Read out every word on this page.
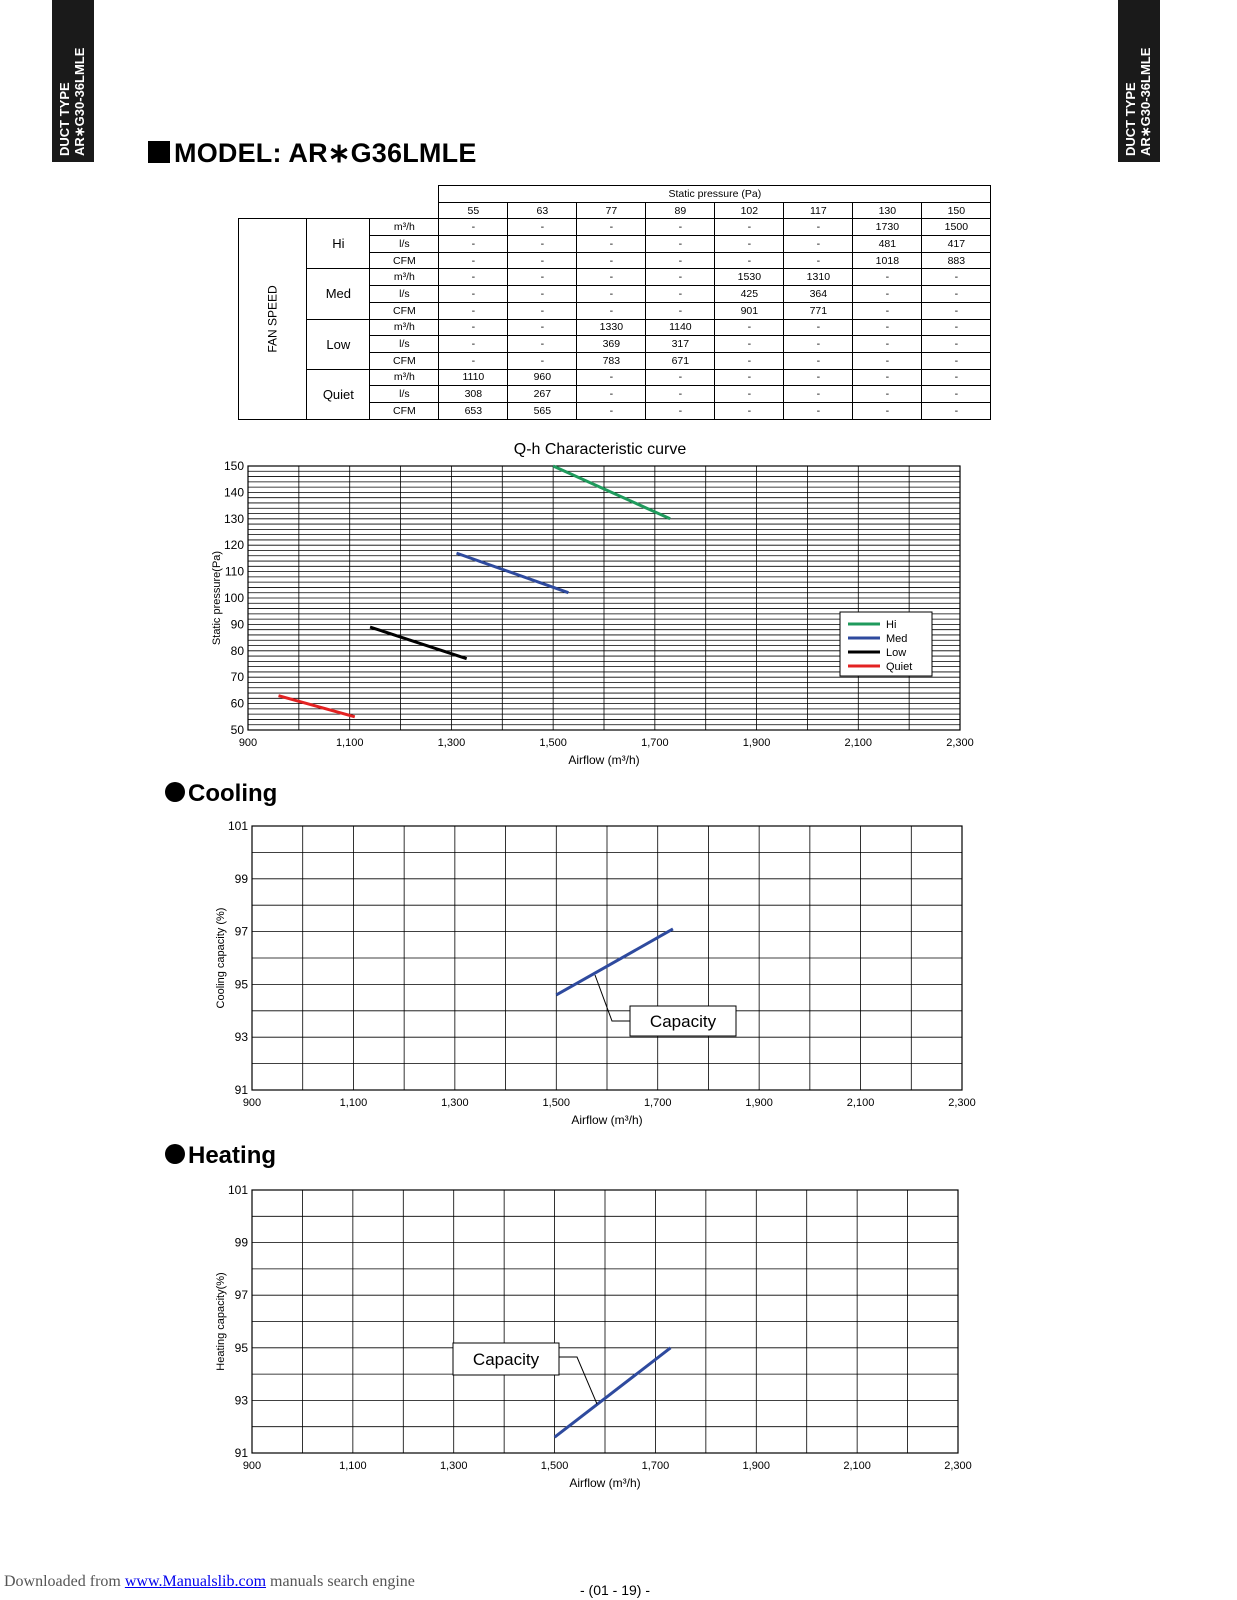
DUCT TYPE AR∗G30-36LMLE	DUCT TYPE AR∗G30-36LMLE
MODEL: AR∗G36LMLE
			Static pressure (Pa)							
			55	63	77	89	102	117	130	150
FAN SPEED	Hi	m³/h	-	-	-	-	-	-	1730	1500
		l/s	-	-	-	-	-	-	481	417
		CFM	-	-	-	-	-	-	1018	883
	Med	m³/h	-	-	-	-	1530	1310	-	-
		l/s	-	-	-	-	425	364	-	-
		CFM	-	-	-	-	901	771	-	-
	Low	m³/h	-	-	1330	1140	-	-	-	-
		l/s	-	-	369	317	-	-	-	-
		CFM	-	-	783	671	-	-	-	-
	Quiet	m³/h	1110	960	-	-	-	-	-	-
		l/s	308	267	-	-	-	-	-	-
		CFM	653	565	-	-	-	-	-	-
Cooling
Heating
900	1,100	1,300	1,500	1,700	1,900	2,100	2,300
50
60
70
80
90
100
110
120
130
140
150
Airflow (m³/h)
Static pressure(Pa)
Q-h Characteristic curve
Hi
Med
Low
Quiet
900	1,100	1,300	1,500	1,700	1,900	2,100	2,300
91
93
95
97
99
101
Airflow (m³/h)
Cooling capacity (%)
Capacity
900	1,100	1,300	1,500	1,700	1,900	2,100	2,300
91
93
95
97
99
101
Airflow (m³/h)
Heating capacity(%)	Capacity
Downloaded from www.Manualslib.com manuals search engine	- (01 - 19) -
